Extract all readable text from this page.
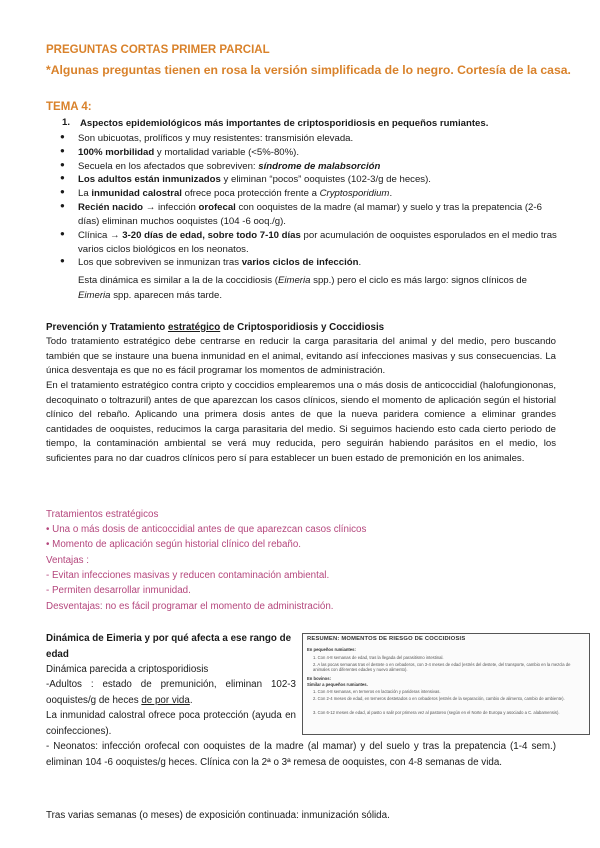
PREGUNTAS CORTAS PRIMER PARCIAL
*Algunas preguntas tienen en rosa la versión simplificada de lo negro. Cortesía de la casa.
TEMA 4:
1. Aspectos epidemiológicos más importantes de criptosporidiosis en pequeños rumiantes.
● Son ubicuotas, prolíficos y muy resistentes: transmisión elevada.
● 100% morbilidad y mortalidad variable (<5%-80%).
● Secuela en los afectados que sobreviven: síndrome de malabsorción
● Los adultos están inmunizados y eliminan “pocos” ooquistes (102-3/g de heces).
● La inmunidad calostral ofrece poca protección frente a Cryptosporidium.
● Recién nacido → infección orofecal con ooquistes de la madre (al mamar) y suelo y tras la prepatencia (2-6 días) eliminan muchos ooquistes (104 -6 ooq./g).
● Clínica → 3-20 días de edad, sobre todo 7-10 días por acumulación de ooquistes esporulados en el medio tras varios ciclos biológicos en los neonatos.
● Los que sobreviven se inmunizan tras varios ciclos de infección.
Esta dinámica es similar a la de la coccidiosis (Eimeria spp.) pero el ciclo es más largo: signos clínicos de Eimeria spp. aparecen más tarde.
Prevención y Tratamiento estratégico de Criptosporidiosis y Coccidiosis
Todo tratamiento estratégico debe centrarse en reducir la carga parasitaria del animal y del medio, pero buscando también que se instaure una buena inmunidad en el animal, evitando así infecciones masivas y sus consecuencias. La única desventaja es que no es fácil programar los momentos de administración.
En el tratamiento estratégico contra cripto y coccidios emplearemos una o más dosis de anticoccidial (halofungiononas, decoquinato o toltrazuril) antes de que aparezcan los casos clínicos, siendo el momento de aplicación según el historial clínico del rebaño. Aplicando una primera dosis antes de que la nueva paridera comience a eliminar grandes cantidades de ooquistes, reducimos la carga parasitaria del medio. Si seguimos haciendo esto cada cierto periodo de tiempo, la contaminación ambiental se verá muy reducida, pero seguirán habiendo parásitos en el medio, los suficientes para no dar cuadros clínicos pero sí para establecer un buen estado de premonición en los animales.
Tratamientos estratégicos
• Una o más dosis de anticoccidial antes de que aparezcan casos clínicos
• Momento de aplicación según historial clínico del rebaño.
Ventajas :
- Evitan infecciones masivas y reducen contaminación ambiental.
- Permiten desarrollar inmunidad.
Desventajas: no es fácil programar el momento de administración.
Dinámica de Eimeria y por qué afecta a ese rango de edad
Dinámica parecida a criptosporidiosis
-Adultos : estado de premunición, eliminan 102-3 ooquistes/g de heces de por vida.
La inmunidad calostral ofrece poca protección (ayuda en coinfecciones).
- Neonatos: infección orofecal con ooquistes de la madre (al mamar) y del suelo y tras la prepatencia (1-4 sem.) eliminan 104 -6 ooquistes/g heces. Clínica con la 2ª o 3ª remesa de ooquistes, con 4-8 semanas de vida.
Tras varias semanas (o meses) de exposición continuada: inmunización sólida.
RESUMEN: MOMENTOS DE RIESGO DE COCCIDIOSIS
En pequeños rumiantes:
1. Con 4-8 semanas de edad, tras la llegada del parasitismo intestinal.
2. A las pocas semanas tras el destete o en cebaderos, con 3-4 meses de edad (estrés del destete, del transporte, cambio en la mezcla de animales con diferentes edades y nuevo alimento).
En bovinos:
Similar a pequeños rumiantes.
1. Con 4-8 semanas, en terneros en lactación y parideras intensivas.
2. Con 2-4 meses de edad, en terneros destetados o en cebaderos (estrés de la separación, cambio de alimento, cambio de ambiente).
3. Con 6-12 meses de edad, al pasto o salir por primera vez al pastoreo (según en el Norte de Europa y asociado a C. alabamensis).
